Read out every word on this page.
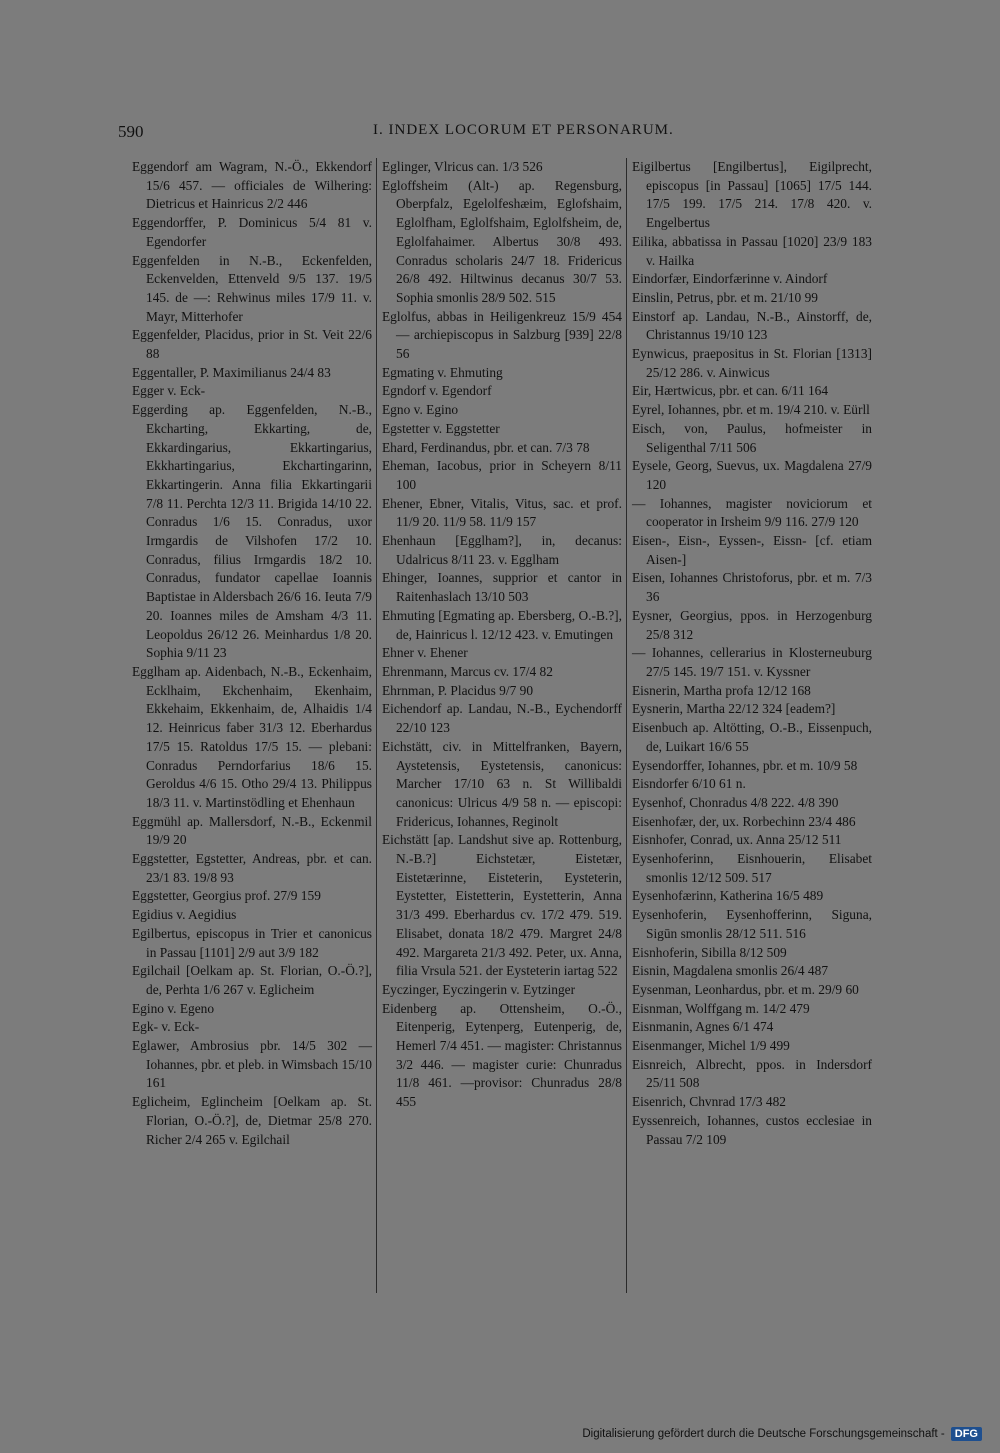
590	I. INDEX LOCORUM ET PERSONARUM.

Eggendorf am Wagram, N.-Ö., Ekkendorf 15/6 457. — officiales de Wilhering: Dietricus et Hainricus 2/2 446

Eggendorffer, P. Dominicus 5/4 81 v. Egendorfer

Eggenfelden in N.-B., Eckenfelden, Eckenvelden, Ettenveld 9/5 137. 19/5 145. de —: Rehwinus miles 17/9 11. v. Mayr, Mitterhofer

Eggenfelder, Placidus, prior in St. Veit 22/6 88

Eggentaller, P. Maximilianus 24/4 83

Egger v. Eck-

Eggerding ap. Eggenfelden, N.-B., Ekcharting, Ekkarting, de, Ekkardingarius, Ekkartingarius, Ekkhartingarius, Ekchartingarinn, Ekkartingerin. Anna filia Ekkartingarii 7/8 11. Perchta 12/3 11. Brigida 14/10 22. Conradus 1/6 15. Conradus, uxor Irmgardis de Vilshofen 17/2 10. Conradus, filius Irmgardis 18/2 10. Conradus, fundator capellae Ioannis Baptistae in Aldersbach 26/6 16. Ieuta 7/9 20. Ioannes miles de Amsham 4/3 11. Leopoldus 26/12 26. Meinhardus 1/8 20. Sophia 9/11 23

Egglham ap. Aidenbach, N.-B., Eckenhaim, Ecklhaim, Ekchenhaim, Ekenhaim, Ekkehaim, Ekkenhaim, de, Alhaidis 1/4 12. Heinricus faber 31/3 12. Eberhardus 17/5 15. Ratoldus 17/5 15. — plebani: Conradus Perndorfarius 18/6 15. Geroldus 4/6 15. Otho 29/4 13. Philippus 18/3 11. v. Martinstödling et Ehenhaun

Eggmühl ap. Mallersdorf, N.-B., Eckenmil 19/9 20

Eggstetter, Egstetter, Andreas, pbr. et can. 23/1 83. 19/8 93

Eggstetter, Georgius prof. 27/9 159

Egidius v. Aegidius

Egilbertus, episcopus in Trier et canonicus in Passau [1101] 2/9 aut 3/9 182

Egilchail [Oelkam ap. St. Florian, O.-Ö.?], de, Perhta 1/6 267 v. Eglicheim

Egino v. Egeno

Egk- v. Eck-

Eglawer, Ambrosius pbr. 14/5 302 — Iohannes, pbr. et pleb. in Wimsbach 15/10 161

Eglicheim, Eglincheim [Oelkam ap. St. Florian, O.-Ö.?], de, Dietmar 25/8 270. Richer 2/4 265 v. Egilchail

Eglinger, Vlricus can. 1/3 526

Egloffsheim (Alt-) ap. Regensburg, Oberpfalz, Egelolfeshæim, Eglofshaim, Eglolfham, Eglolfshaim, Eglolfsheim, de, Eglolfahaimer. Albertus 30/8 493. Conradus scholaris 24/7 18. Fridericus 26/8 492. Hiltwinus decanus 30/7 53. Sophia smonlis 28/9 502. 515

Eglolfus, abbas in Heiligenkreuz 15/9 454 — archiepiscopus in Salzburg [939] 22/8 56

Egmating v. Ehmuting

Egndorf v. Egendorf

Egno v. Egino

Egstetter v. Eggstetter

Ehard, Ferdinandus, pbr. et can. 7/3 78

Eheman, Iacobus, prior in Scheyern 8/11 100

Ehener, Ebner, Vitalis, Vitus, sac. et prof. 11/9 20. 11/9 58. 11/9 157

Ehenhaun [Egglham?], in, decanus: Udalricus 8/11 23. v. Egglham

Ehinger, Ioannes, supprior et cantor in Raitenhaslach 13/10 503

Ehmuting [Egmating ap. Ebersberg, O.-B.?], de, Hainricus l. 12/12 423. v. Emutingen

Ehner v. Ehener

Ehrenmann, Marcus cv. 17/4 82

Ehrnman, P. Placidus 9/7 90

Eichendorf ap. Landau, N.-B., Eychendorff 22/10 123

Eichstätt, civ. in Mittelfranken, Bayern, Aystetensis, Eystetensis, canonicus: Marcher 17/10 63 n. St Willibaldi canonicus: Ulricus 4/9 58 n. — episcopi: Fridericus, Iohannes, Reginolt

Eichstätt [ap. Landshut sive ap. Rottenburg, N.-B.?] Eichstetær, Eistetær, Eistetærinne, Eisteterin, Eysteterin, Eystetter, Eistetterin, Eystetterin, Anna 31/3 499. Eberhardus cv. 17/2 479. 519. Elisabet, donata 18/2 479. Margret 24/8 492. Margareta 21/3 492. Peter, ux. Anna, filia Vrsula 521. der Eysteterin iartag 522

Eyczinger, Eyczingerin v. Eytzinger

Eidenberg ap. Ottensheim, O.-Ö., Eitenperig, Eytenperg, Eutenperig, de, Hemerl 7/4 451. — magister: Christannus 3/2 446. — magister curie: Chunradus 11/8 461. —provisor: Chunradus 28/8 455

Eigilbertus [Engilbertus], Eigilprecht, episcopus [in Passau] [1065] 17/5 144. 17/5 199. 17/5 214. 17/8 420. v. Engelbertus

Eilika, abbatissa in Passau [1020] 23/9 183 v. Hailka

Eindorfær, Eindorfærinne v. Aindorf

Einslin, Petrus, pbr. et m. 21/10 99

Einstorf ap. Landau, N.-B., Ainstorff, de, Christannus 19/10 123

Eynwicus, praepositus in St. Florian [1313] 25/12 286. v. Ainwicus

Eir, Hærtwicus, pbr. et can. 6/11 164

Eyrel, Iohannes, pbr. et m. 19/4 210. v. Eürll

Eisch, von, Paulus, hofmeister in Seligenthal 7/11 506

Eysele, Georg, Suevus, ux. Magdalena 27/9 120

— Iohannes, magister noviciorum et cooperator in Irsheim 9/9 116. 27/9 120

Eisen-, Eisn-, Eyssen-, Eissn- [cf. etiam Aisen-]

Eisen, Iohannes Christoforus, pbr. et m. 7/3 36

Eysner, Georgius, ppos. in Herzogenburg 25/8 312

— Iohannes, cellerarius in Klosterneuburg 27/5 145. 19/7 151. v. Kyssner

Eisnerin, Martha profa 12/12 168

Eysnerin, Martha 22/12 324 [eadem?]

Eisenbuch ap. Altötting, O.-B., Eissenpuch, de, Luikart 16/6 55

Eysendorffer, Iohannes, pbr. et m. 10/9 58

Eisndorfer 6/10 61 n.

Eysenhof, Chonradus 4/8 222. 4/8 390

Eisenhofær, der, ux. Rorbechinn 23/4 486

Eisnhofer, Conrad, ux. Anna 25/12 511

Eysenhoferinn, Eisnhouerin, Elisabet smonlis 12/12 509. 517

Eysenhofærinn, Katherina 16/5 489

Eysenhoferin, Eysenhofferinn, Siguna, Sigūn smonlis 28/12 511. 516

Eisnhoferin, Sibilla 8/12 509

Eisnin, Magdalena smonlis 26/4 487

Eysenman, Leonhardus, pbr. et m. 29/9 60

Eisnman, Wolffgang m. 14/2 479

Eisnmanin, Agnes 6/1 474

Eisenmanger, Michel 1/9 499

Eisnreich, Albrecht, ppos. in Indersdorf 25/11 508

Eisenrich, Chvnrad 17/3 482

Eyssenreich, Iohannes, custos ecclesiae in Passau 7/2 109

Digitalisierung gefördert durch die Deutsche Forschungsgemeinschaft - DFG
